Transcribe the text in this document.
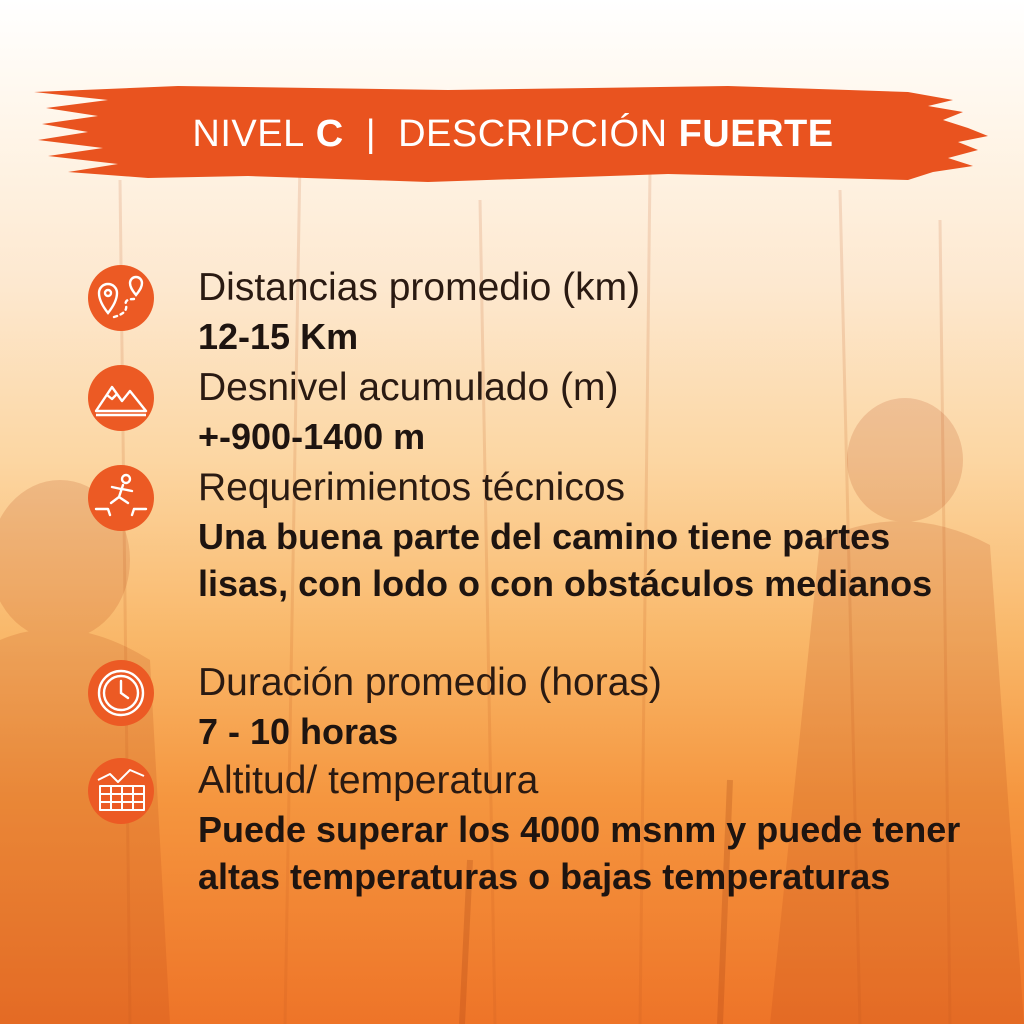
NIVEL
C | DESCRIPCIÓN
FUERTE
Distancias promedio (km)
12-15 Km
Desnivel acumulado (m)
+-900-1400 m
Requerimientos técnicos
Una buena parte del camino tiene partes lisas, con lodo o con obstáculos medianos
Duración promedio (horas)
7 - 10 horas
Altitud/ temperatura
Puede superar los 4000 msnm y puede tener altas temperaturas o bajas temperaturas
